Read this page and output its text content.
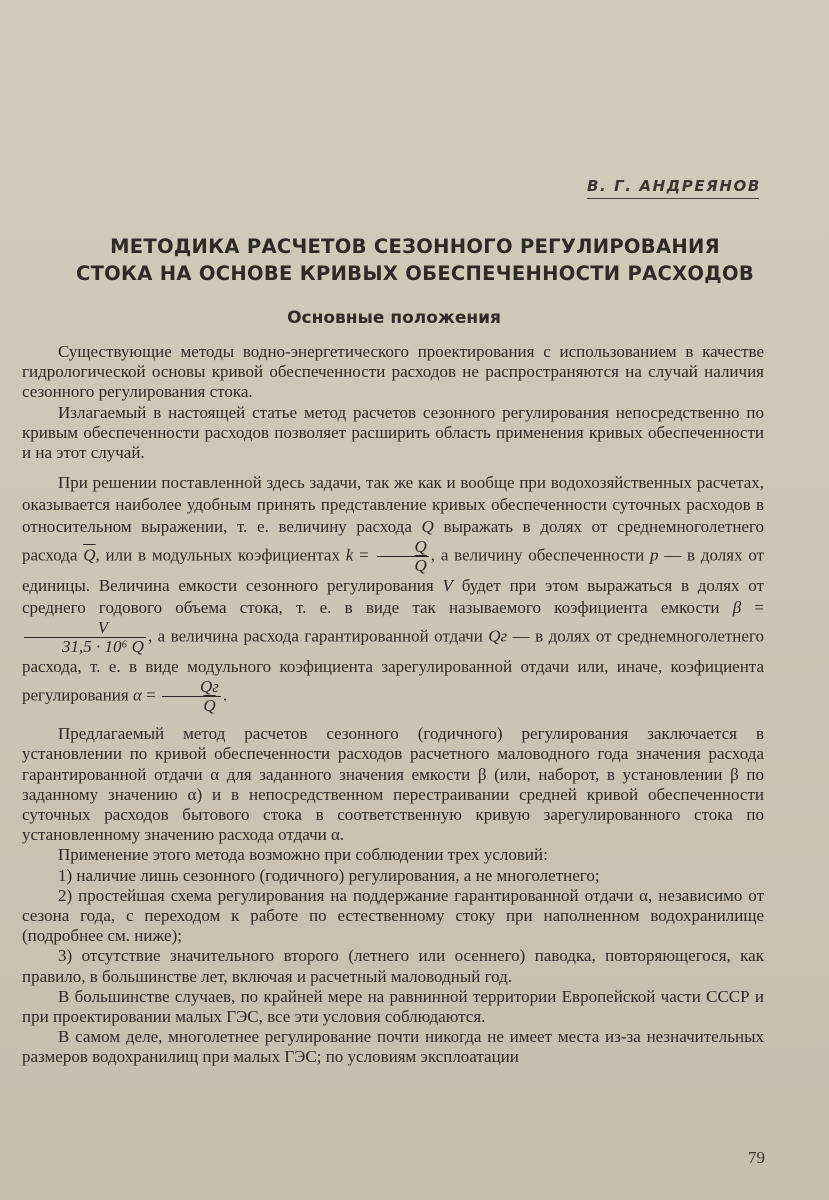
В. Г. АНДРЕЯНОВ
МЕТОДИКА РАСЧЕТОВ СЕЗОННОГО РЕГУЛИРОВАНИЯ
СТОКА НА ОСНОВЕ КРИВЫХ ОБЕСПЕЧЕННОСТИ РАСХОДОВ
Основные положения

Существующие методы водно-энергетического проектирования с использованием в качестве гидрологической основы кривой обеспеченности расходов не распространяются на случай наличия сезонного регулирования стока.

Излагаемый в настоящей статье метод расчетов сезонного регулирования непосредственно по кривым обеспеченности расходов позволяет расширить область применения кривых обеспеченности и на этот случай.

При решении поставленной здесь задачи, так же как и вообще при водохозяйственных расчетах, оказывается наиболее удобным принять представление кривых обеспеченности суточных расходов в относительном выражении, т. е. величину расхода Q выражать в долях от среднемноголетнего расхода $\overline{Q}$, или в модульных коэфициентах $k = \frac{Q}{Q}$ , а величину обеспеченности p — в долях от единицы. Величина емкости сезонного регулирования V будет при этом выражаться в долях от среднего годового объема стока, т. е. в виде так называемого коэфициента емкости β =
$\frac{V}{\text{31,5 · 10⁶ Q}}$ , а величина расхода гарантированной отдачи Qг — в долях от среднемноголетнего расхода, т. е. в виде модульного коэфициента зарегулированной отдачи или, иначе, коэфициента регулирования $\alpha = \frac{Qг}{Q}$ .

Предлагаемый метод расчетов сезонного (годичного) регулирования заключается в установлении по кривой обеспеченности расходов расчетного маловодного года значения расхода гарантированной отдачи α для заданного значения емкости β (или, наборот, в установлении β по заданному значению α) и в непосредственном перестраивании средней кривой обеспеченности суточных расходов бытового стока в соответственную кривую зарегулированного стока по установленному значению расхода отдачи α.

Применение этого метода возможно при соблюдении трех условий:

1) наличие лишь сезонного (годичного) регулирования, а не многолетнего;

2) простейшая схема регулирования на поддержание гарантированной отдачи α, независимо от сезона года, с переходом к работе по естественному стоку при наполненном водохранилище (подробнее см. ниже);

3) отсутствие значительного второго (летнего или осеннего) паводка, повторяющегося, как правило, в большинстве лет, включая и расчетный маловодный год.

В большинстве случаев, по крайней мере на равнинной территории Европейской части СССР и при проектировании малых ГЭС, все эти условия соблюдаются.

В самом деле, многолетнее регулирование почти никогда не имеет места из-за незначительных размеров водохранилищ при малых ГЭС; по условиям эксплоатации

79
